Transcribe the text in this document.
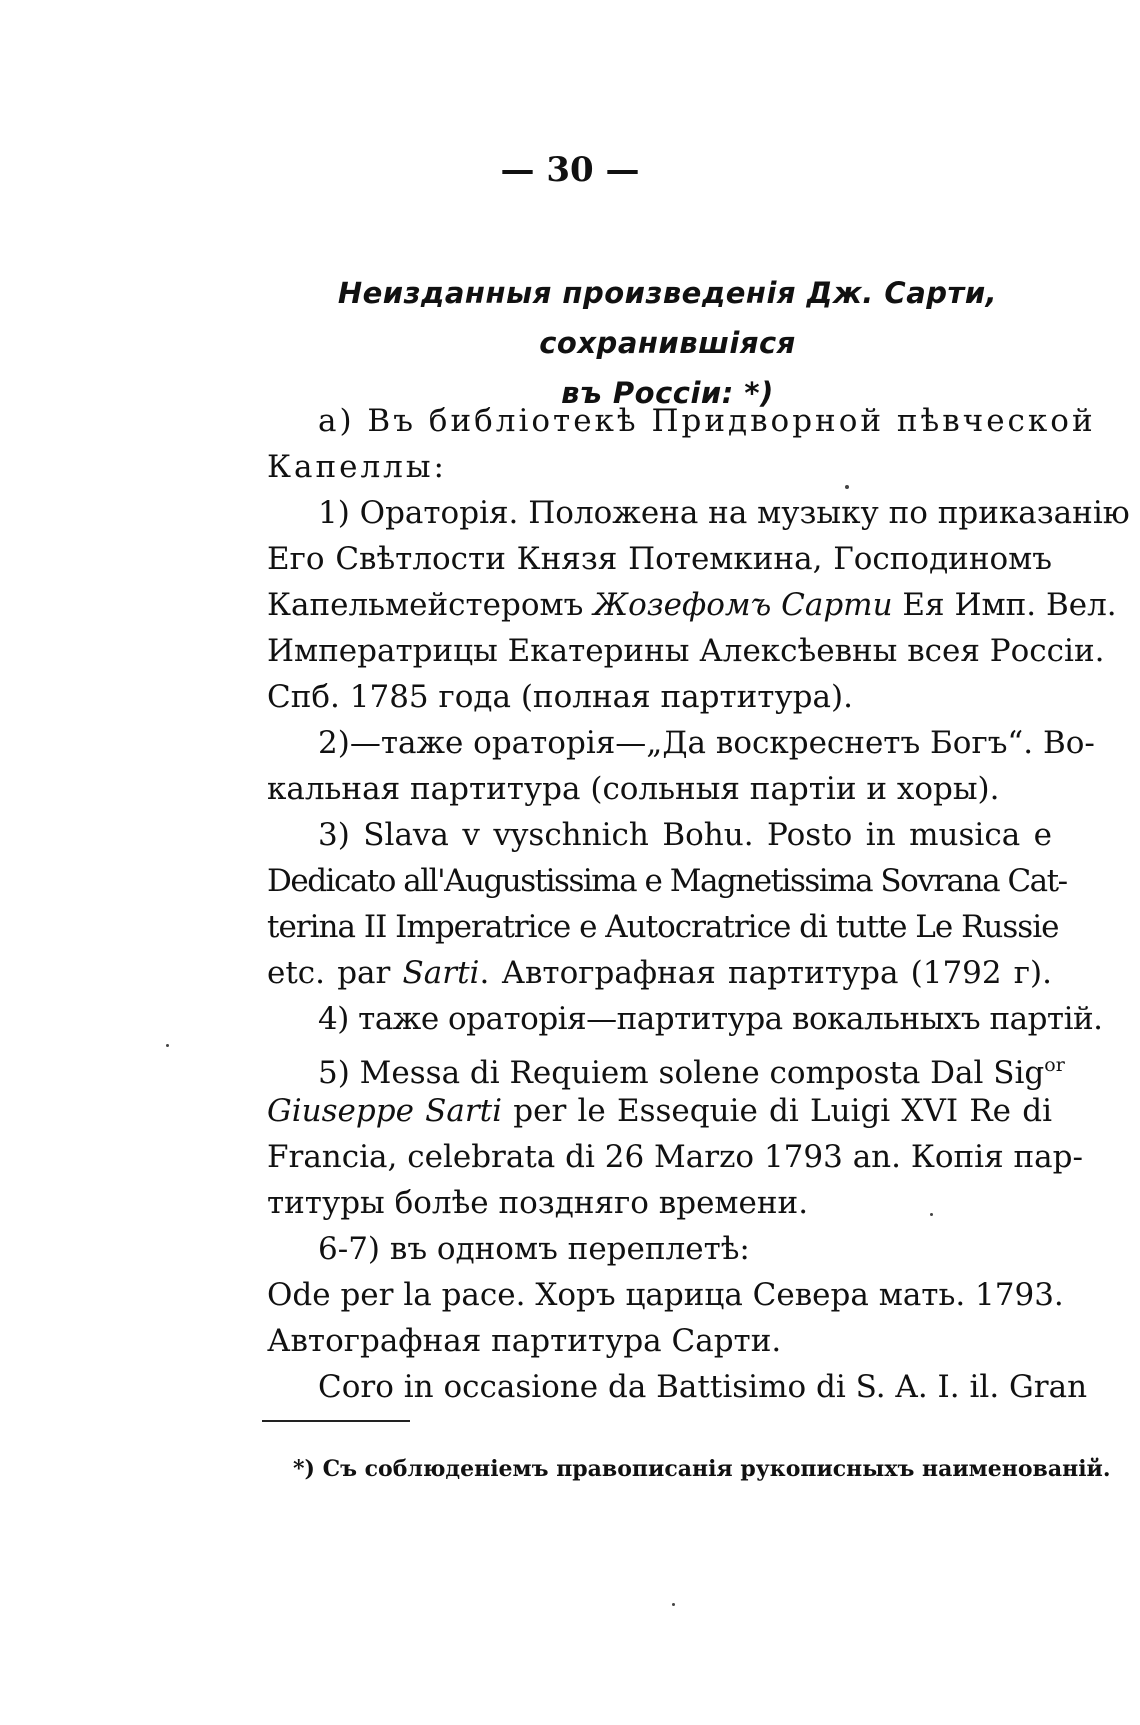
— 30 —
Неизданныя произведенія Дж. Сарти, сохранившіяся
въ Россіи: *)
а) Въ библіотекѣ Придворной пѣвческой
Капеллы:
1) Ораторія. Положена на музыку по приказанію
Его Свѣтлости Князя Потемкина, Господиномъ
Капельмейстеромъ Жозефомъ Сарти Ея Имп. Вел.
Императрицы Екатерины Алексѣевны всея Россіи.
Спб. 1785 года (полная партитура).
2)—таже ораторія—„Да воскреснетъ Богъ“. Во-
кальная партитура (сольныя партіи и хоры).
3) Slava v vyschnich Bohu. Posto in musica e
Dedicato all'Augustissima e Magnetissima Sovrana Cat-
terina II Imperatrice e Autocratrice di tutte Le Russie
etc. par Sarti. Автографная партитура (1792 г).
4) таже ораторія—партитура вокальныхъ партій.
5) Messa di Requiem solene composta Dal Sig$^{or}$
Giuseppe Sarti per le Essequie di Luigi XVI Re di
Francia, celebrata di 26 Marzo 1793 an. Копія пар-
титуры болѣе поздняго времени.
6-7) въ одномъ переплетѣ:
Ode per la pace. Хоръ царица Севера мать. 1793.
Автографная партитура Сарти.
Coro in occasione da Battisimo di S. A. I. il. Gran
*) Съ соблюденіемъ правописанія рукописныхъ наименованій.
